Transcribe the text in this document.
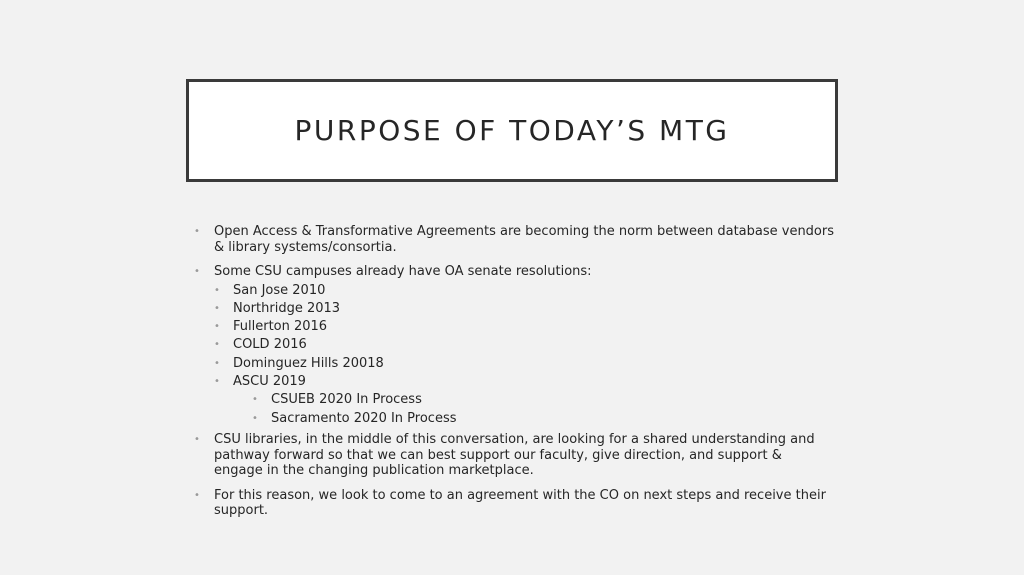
PURPOSE OF TODAY’S MTG
• Open Access & Transformative Agreements are becoming the norm between database vendors & library systems/consortia.
• Some CSU campuses already have OA senate resolutions:
• San Jose 2010
• Northridge 2013
• Fullerton 2016
• COLD 2016
• Dominguez Hills 20018
• ASCU 2019
• CSUEB 2020 In Process
• Sacramento 2020 In Process
• CSU libraries, in the middle of this conversation, are looking for a shared understanding and pathway forward so that we can best support our faculty, give direction, and support & engage in the changing publication marketplace.
• For this reason, we look to come to an agreement with the CO on next steps and receive their support.
